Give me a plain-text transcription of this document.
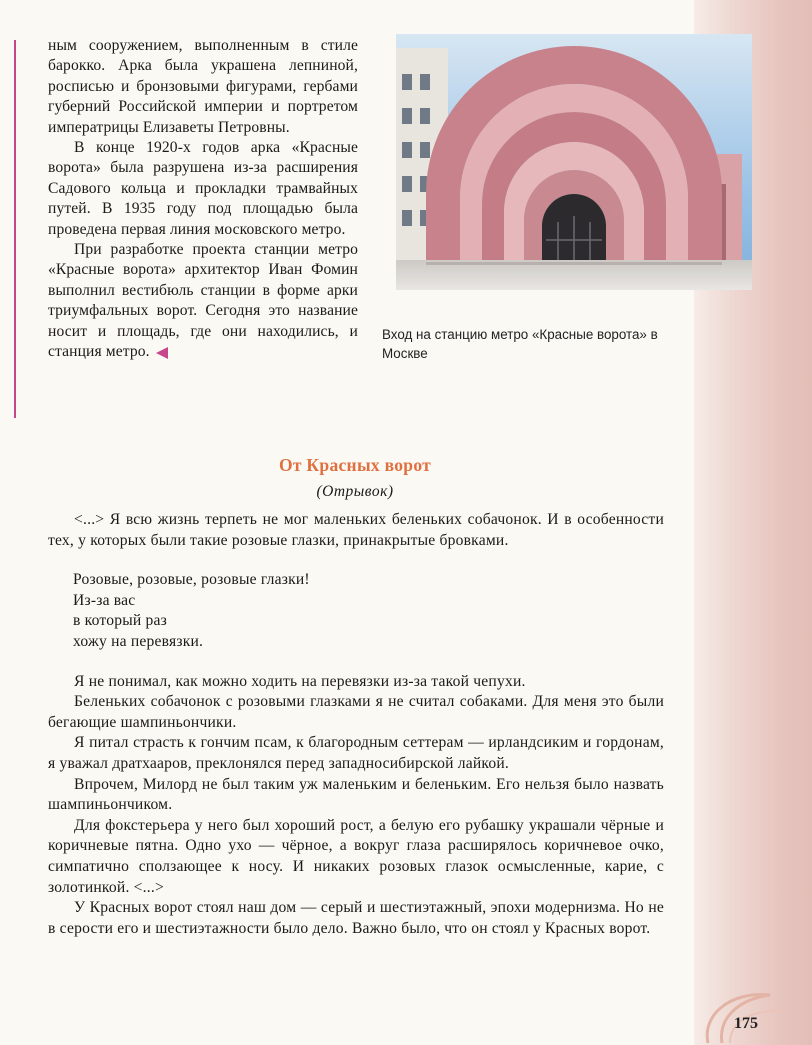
ным сооружением, выполненным в стиле барокко. Арка была украшена лепниной, росписью и бронзовыми фигурами, гербами губерний Российской империи и портретом императрицы Елизаветы Петровны.

В конце 1920-х годов арка «Красные ворота» была разрушена из-за расширения Садового кольца и прокладки трамвайных путей. В 1935 году под площадью была проведена первая линия московского метро.

При разработке проекта станции метро «Красные ворота» архитектор Иван Фомин выполнил вестибюль станции в форме арки триумфальных ворот. Сегодня это название носит и площадь, где они находились, и станция метро.

Вход на станцию метро «Красные ворота» в Москве
От Красных ворот
(Отрывок)

<...> Я всю жизнь терпеть не мог маленьких беленьких собачонок. И в особенности тех, у которых были такие розовые глазки, принакрытые бровками.

Розовые, розовые, розовые глазки!
Из-за вас
в который раз
хожу на перевязки.

Я не понимал, как можно ходить на перевязки из-за такой чепухи.

Беленьких собачонок с розовыми глазками я не считал собаками. Для меня это были бегающие шампиньончики.

Я питал страсть к гончим псам, к благородным сеттерам — ирландсиким и гордонам, я уважал дратхааров, преклонялся перед западносибирской лайкой.

Впрочем, Милорд не был таким уж маленьким и беленьким. Его нельзя было назвать шампиньончиком.

Для фокстерьера у него был хороший рост, а белую его рубашку украшали чёрные и коричневые пятна. Одно ухо — чёрное, а вокруг глаза расширялось коричневое очко, симпатично сползающее к носу. И никаких розовых глазок осмысленные, карие, с золотинкой. <...>

У Красных ворот стоял наш дом — серый и шестиэтажный, эпохи модернизма. Но не в серости его и шестиэтажности было дело. Важно было, что он стоял у Красных ворот.

175
